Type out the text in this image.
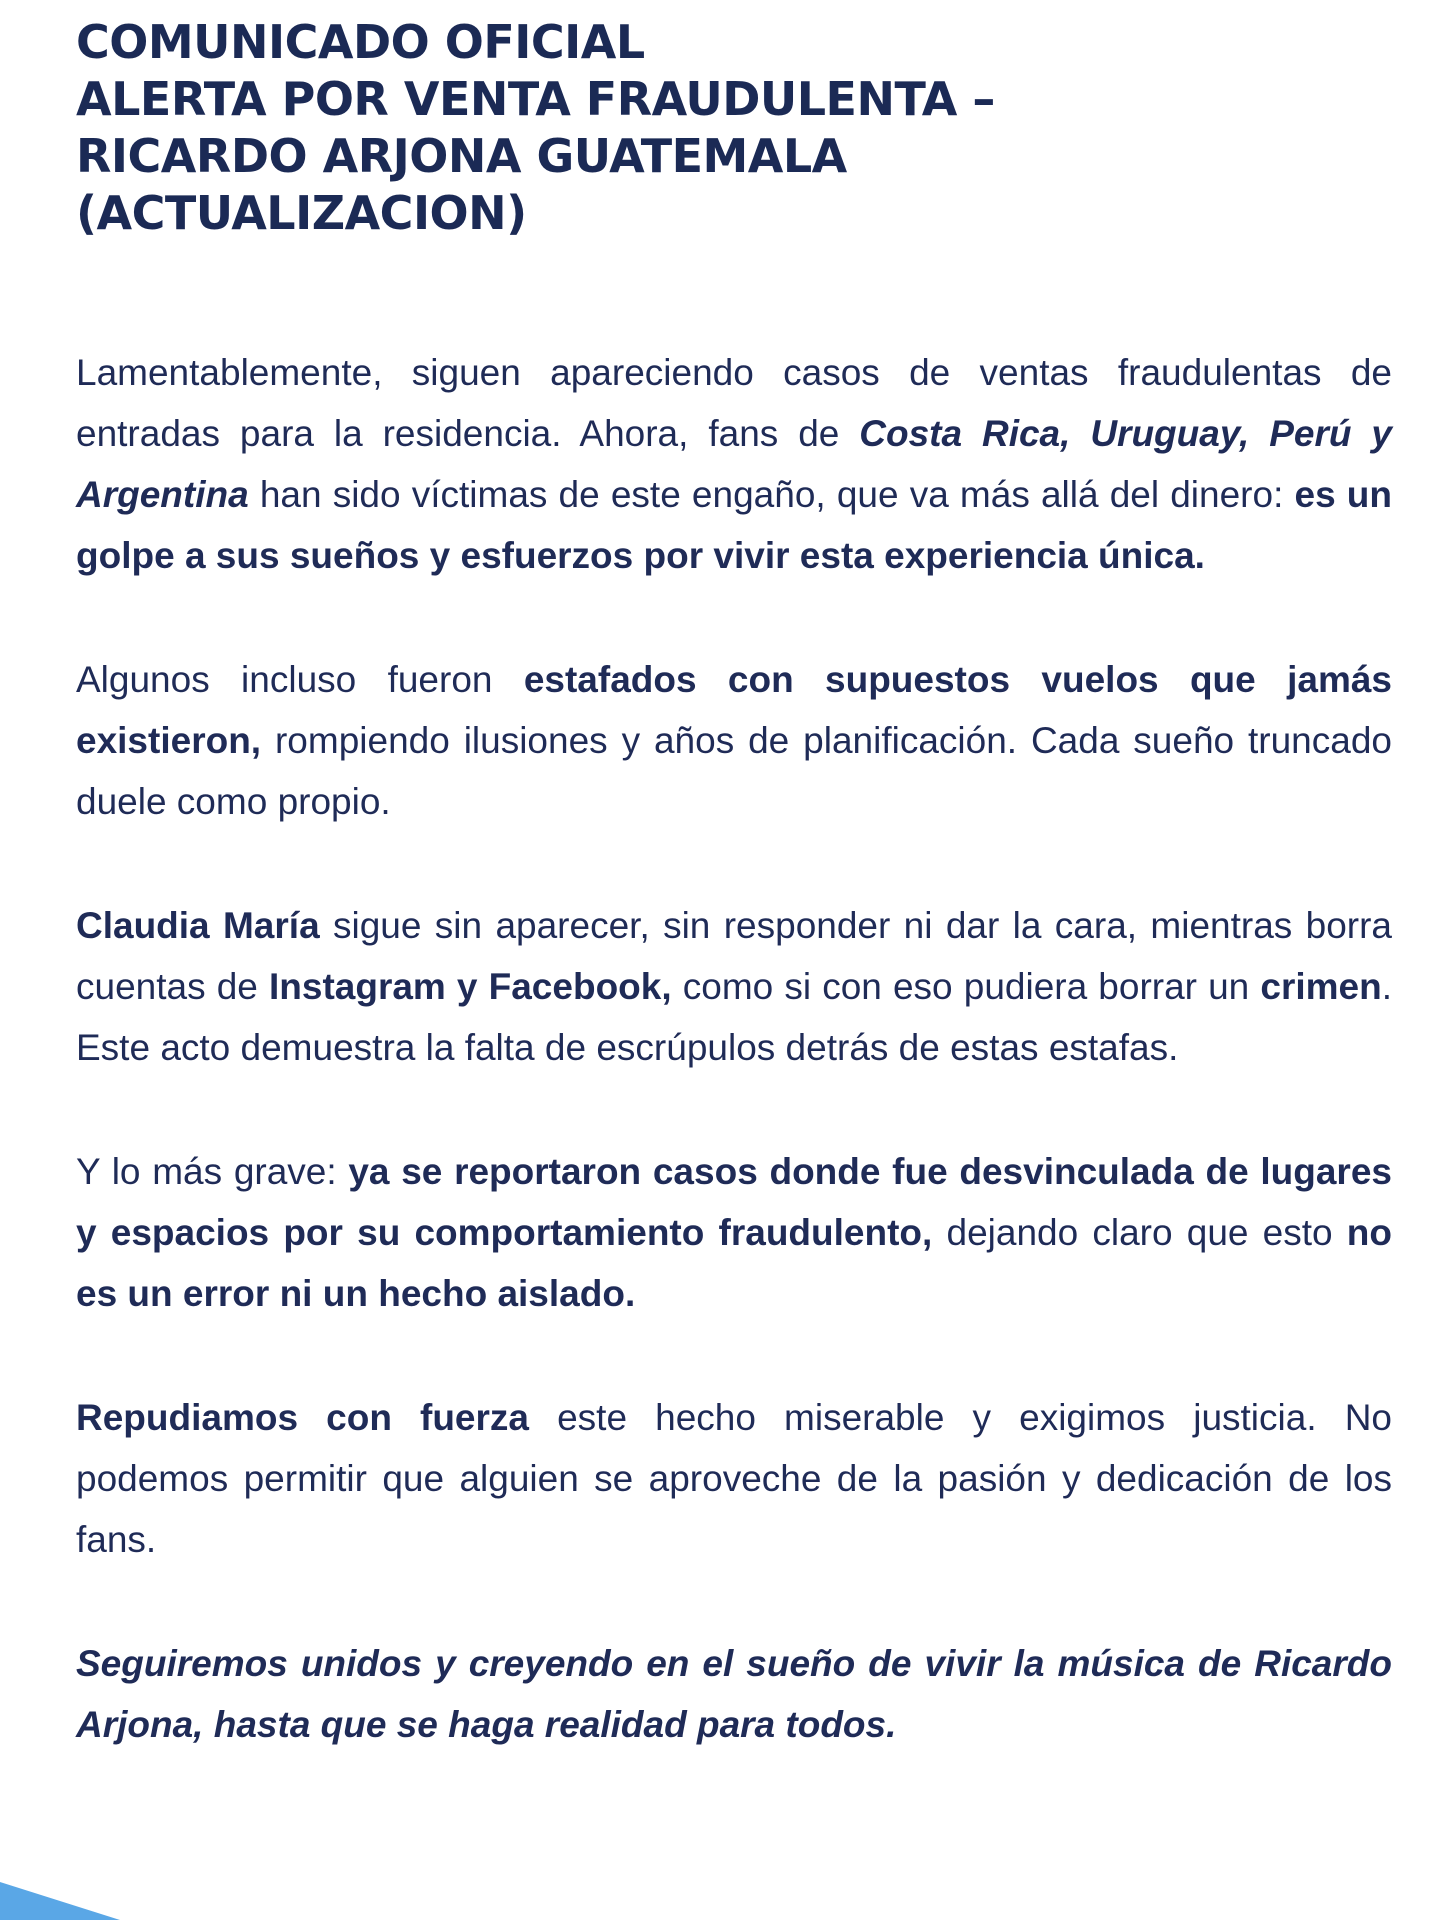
COMUNICADO OFICIAL
ALERTA POR VENTA FRAUDULENTA –
RICARDO ARJONA GUATEMALA
(ACTUALIZACION)

Lamentablemente, siguen apareciendo casos de ventas fraudulentas de entradas para la residencia. Ahora, fans de Costa Rica, Uruguay, Perú y Argentina han sido víctimas de este engaño, que va más allá del dinero: es un golpe a sus sueños y esfuerzos por vivir esta experiencia única.

Algunos incluso fueron estafados con supuestos vuelos que jamás existieron, rompiendo ilusiones y años de planificación. Cada sueño truncado duele como propio.

Claudia María sigue sin aparecer, sin responder ni dar la cara, mientras borra cuentas de Instagram y Facebook, como si con eso pudiera borrar un crimen. Este acto demuestra la falta de escrúpulos detrás de estas estafas.

Y lo más grave: ya se reportaron casos donde fue desvinculada de lugares y espacios por su comportamiento fraudulento, dejando claro que esto no es un error ni un hecho aislado.

Repudiamos con fuerza este hecho miserable y exigimos justicia. No podemos permitir que alguien se aproveche de la pasión y dedicación de los fans.

Seguiremos unidos y creyendo en el sueño de vivir la música de Ricardo Arjona, hasta que se haga realidad para todos.
